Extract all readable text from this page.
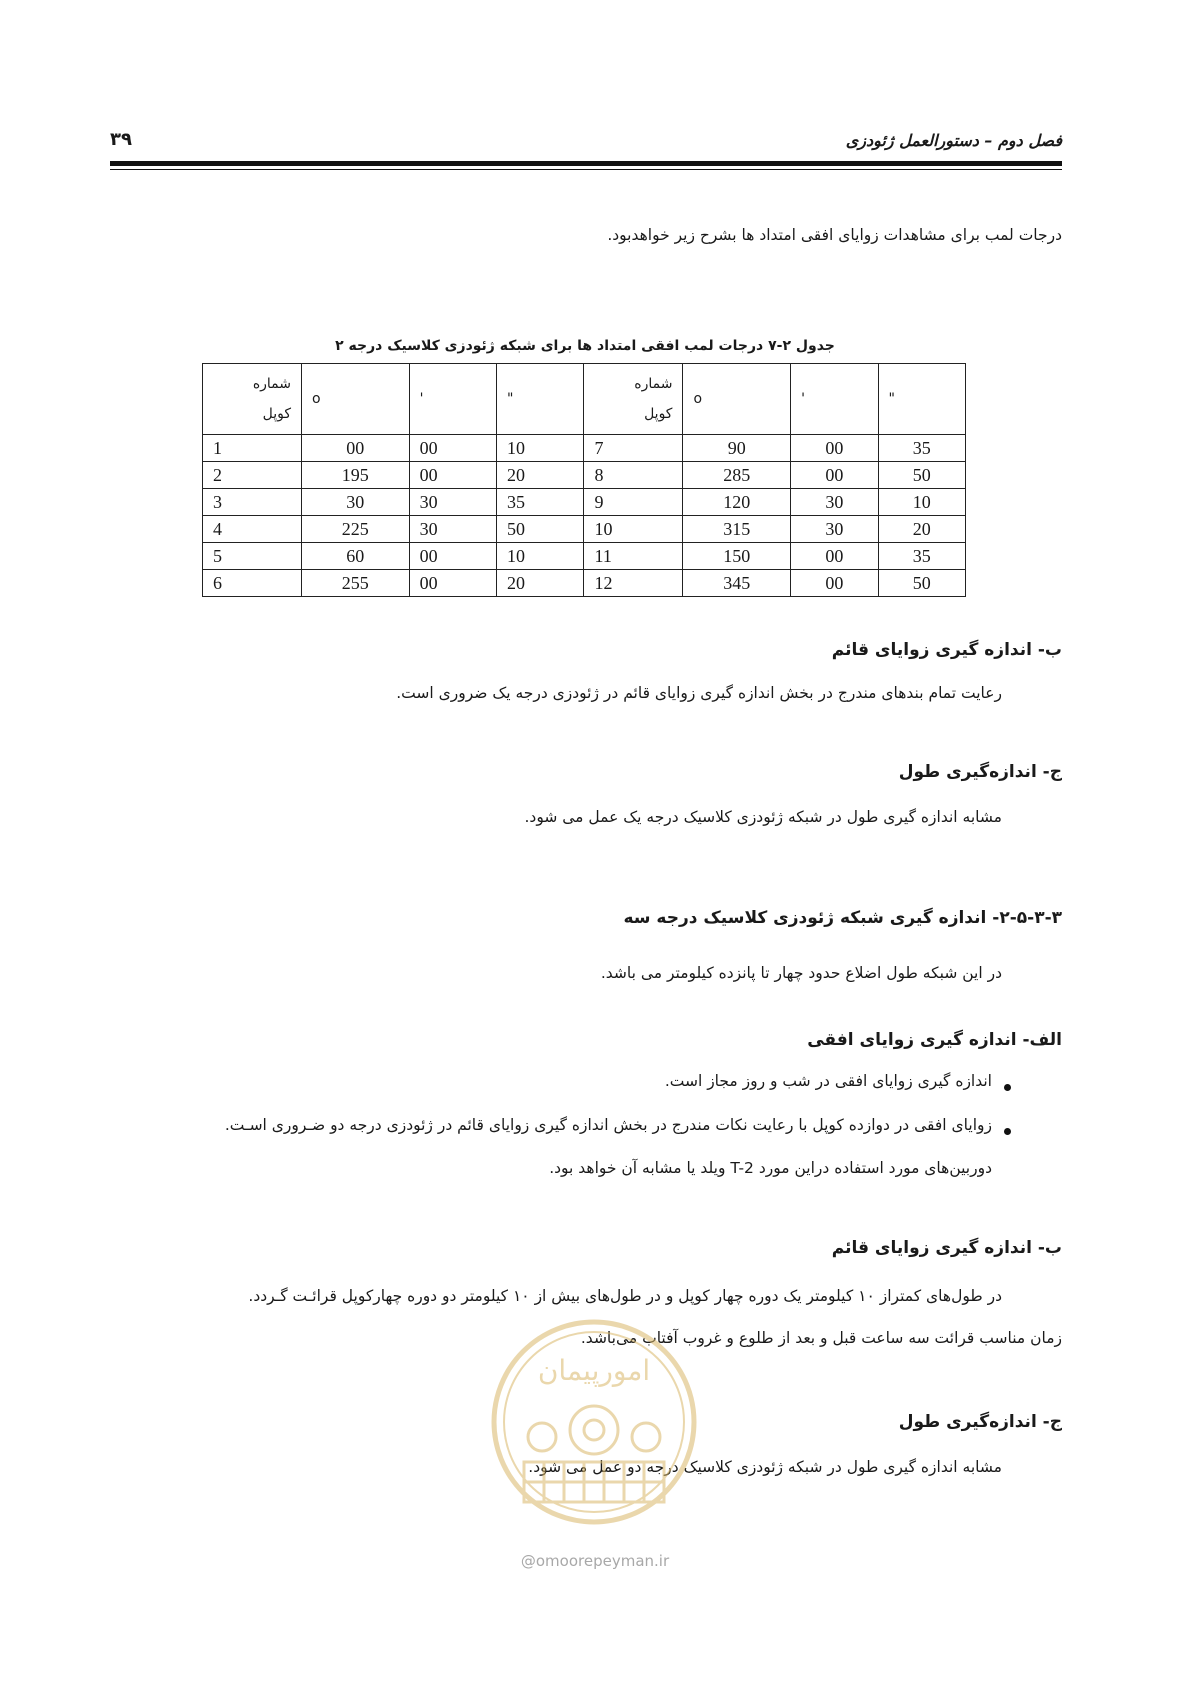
فصل دوم – دستورالعمل ژئودزی
۳۹
درجات لمب برای مشاهدات زوایای افقی امتداد ها بشرح زیر خواهدبود.
جدول ۲-۷ درجات لمب افقی امتداد ها برای شبکه ژئودزی کلاسیک درجه ۲
شماره
کوپل	o	'	"	شماره
کوپل	o	'	"
1	00	00	10	7	90	00	35
2	195	00	20	8	285	00	50
3	30	30	35	9	120	30	10
4	225	30	50	10	315	30	20
5	60	00	10	11	150	00	35
6	255	00	20	12	345	00	50
ب- اندازه گیری زوایای قائم
رعایت تمام بندهای مندرج در بخش اندازه گیری زوایای قائم در ژئودزی درجه یک ضروری است.
ج- اندازه‌گیری طول
مشابه اندازه گیری طول در شبکه ژئودزی کلاسیک درجه یک عمل می شود.
۲-۵-۳-۳- اندازه گیری شبکه ژئودزی کلاسیک درجه سه
در این شبکه طول اضلاع حدود چهار تا پانزده کیلومتر می باشد.
الف- اندازه گیری زوایای افقی
اندازه گیری زوایای افقی در شب و روز مجاز است.
زوایای افقی در دوازده کوپل با رعایت نکات مندرج در بخش اندازه گیری زوایای قائم در ژئودزی درجه دو ضـروری اسـت.
دوربین‌های مورد استفاده دراین مورد T-2 ویلد یا مشابه آن خواهد بود.
ب- اندازه گیری زوایای قائم
در طول‌های کمتراز ۱۰ کیلومتر یک دوره چهار کوپل و در طول‌های بیش از ۱۰ کیلومتر دو دوره چهارکوپل قرائـت گـردد.
زمان مناسب قرائت سه ساعت قبل و بعد از طلوع و غروب آفتاب می‌باشد.
ج- اندازه‌گیری طول
مشابه اندازه گیری طول در شبکه ژئودزی کلاسیک درجه دو عمل می شود.
امورپیمان
@omoorepeyman.ir
